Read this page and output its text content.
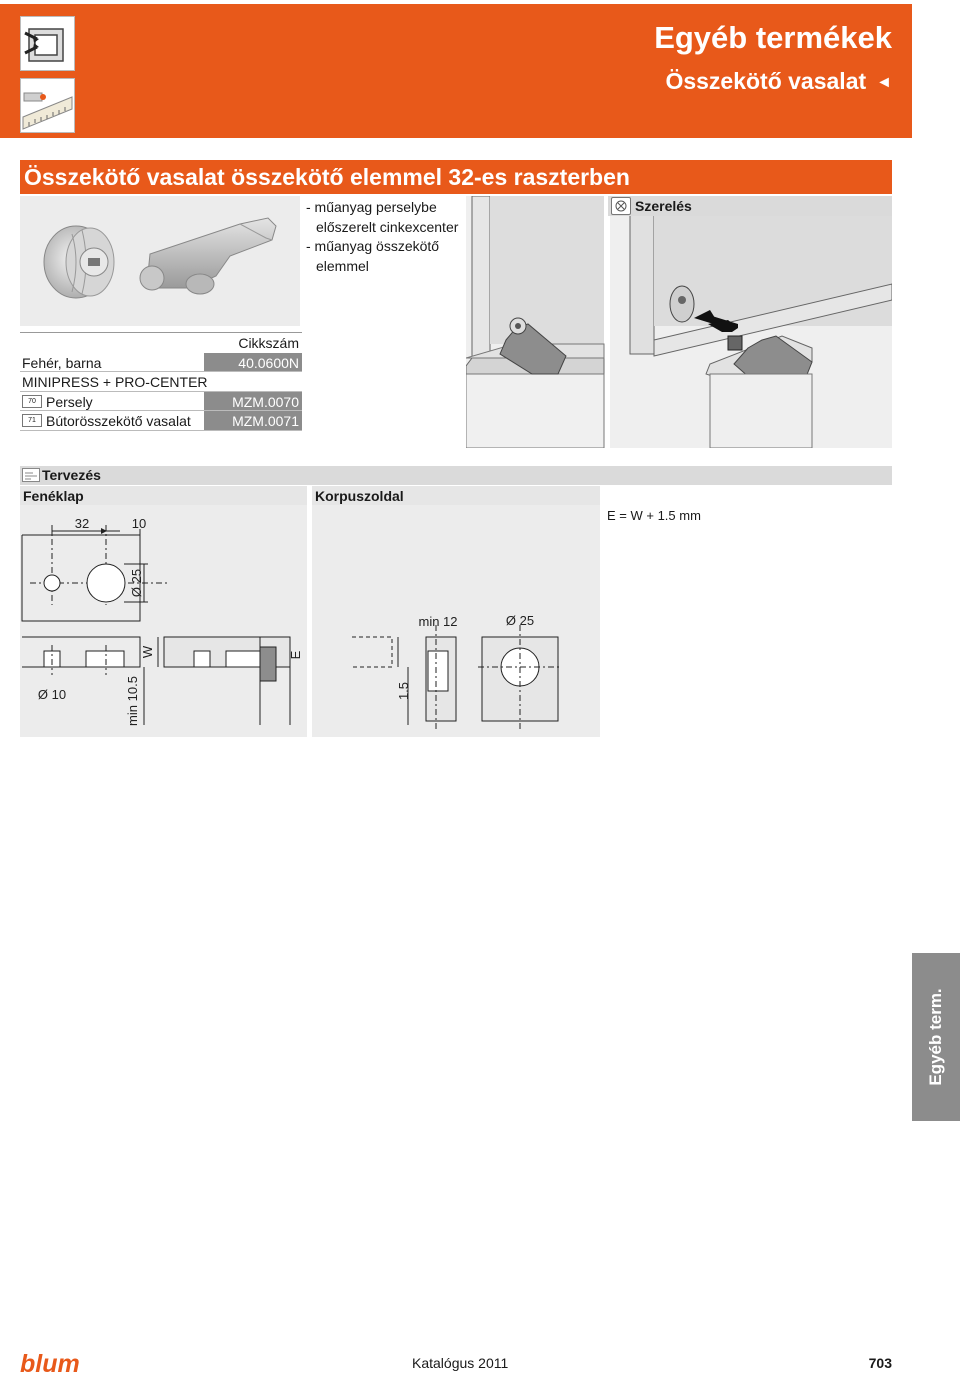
Egyéb termékek
Összekötő vasalat ◄
Összekötő vasalat összekötő elemmel 32-es raszterben
- műanyag perselybe
előszerelt cinkexcenter
- műanyag összekötő
elemmel
Szerelés
Cikkszám
Fehér, barna	40.0600N
MINIPRESS + PRO-CENTER
70 Persely	MZM.0070
71 Bútorösszekötő vasalat	MZM.0071
Tervezés
Fenéklap	Korpuszoldal
E = W + 1.5 mm
32	10
Ø 25
Ø 10
W
min 10.5
E
min 12	Ø 25
1.5
Egyéb term.
blum	Katalógus 2011	703
